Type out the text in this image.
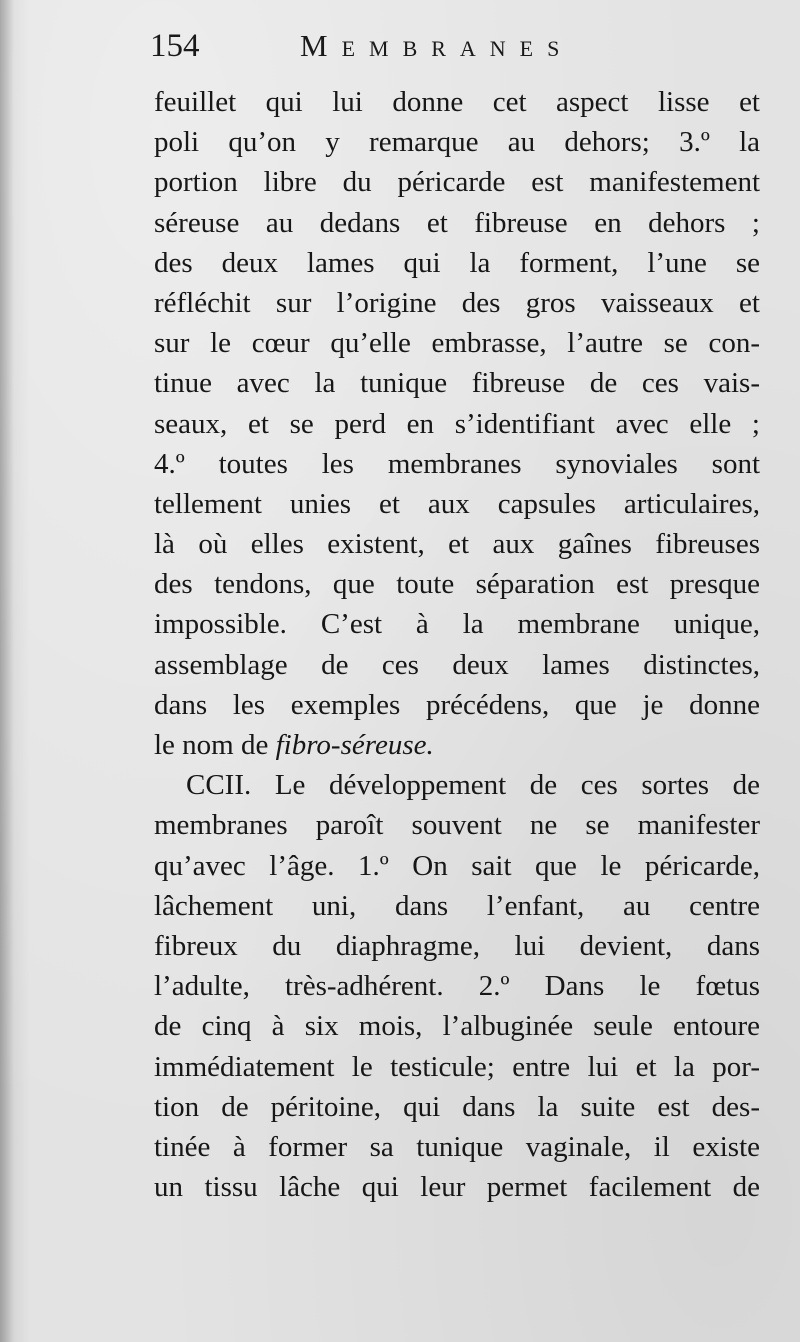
154	Membranes
feuillet qui lui donne cet aspect lisse et
poli qu’on y remarque au dehors; 3.º la
portion libre du péricarde est manifestement
séreuse au dedans et fibreuse en dehors ;
des deux lames qui la forment, l’une se
réfléchit sur l’origine des gros vaisseaux et
sur le cœur qu’elle embrasse, l’autre se con-
tinue avec la tunique fibreuse de ces vais-
seaux, et se perd en s’identifiant avec elle ;
4.º toutes les membranes synoviales sont
tellement unies et aux capsules articulaires,
là où elles existent, et aux gaînes fibreuses
des tendons, que toute séparation est presque
impossible. C’est à la membrane unique,
assemblage de ces deux lames distinctes,
dans les exemples précédens, que je donne
le nom de fibro-séreuse.
CCII. Le développement de ces sortes de
membranes paroît souvent ne se manifester
qu’avec l’âge. 1.º On sait que le péricarde,
lâchement uni, dans l’enfant, au centre
fibreux du diaphragme, lui devient, dans
l’adulte, très-adhérent. 2.º Dans le fœtus
de cinq à six mois, l’albuginée seule entoure
immédiatement le testicule; entre lui et la por-
tion de péritoine, qui dans la suite est des-
tinée à former sa tunique vaginale, il existe
un tissu lâche qui leur permet facilement de
